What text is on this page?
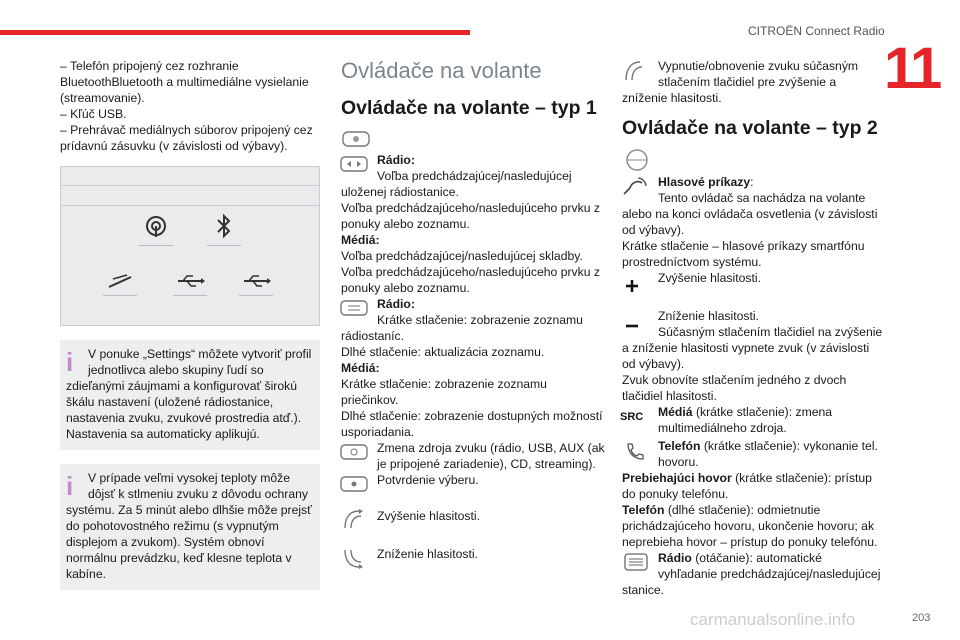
CITROËN Connect Radio
11

– Telefón pripojený cez rozhranie BluetoothBluetooth a multimediálne vysielanie (streamovanie).

– Kľúč USB.

– Prehrávač mediálnych súborov pripojený cez prídavnú zásuvku (v závislosti od výbavy).

i	V ponuke „Settings“ môžete vytvoriť profil jednotlivca alebo skupiny ľudí so zdieľanými záujmami a konfigurovať širokú škálu nastavení (uložené rádiostanice, nastavenia zvuku, zvukové prostredia atď.). Nastavenia sa automaticky aplikujú.
i	V prípade veľmi vysokej teploty môže dôjsť k stlmeniu zvuku z dôvodu ochrany systému. Za 5 minút alebo dlhšie môže prejsť do pohotovostného režimu (s vypnutým displejom a zvukom). Systém obnoví normálnu prevádzku, keď klesne teplota v kabíne.
Ovládače na volante
Ovládače na volante – typ 1

Rádio:

Voľba predchádzajúcej/nasledujúcej uloženej rádiostanice.

Voľba predchádzajúceho/nasledujúceho prvku z ponuky alebo zoznamu.

Médiá:

Voľba predchádzajúcej/nasledujúcej skladby.

Voľba predchádzajúceho/nasledujúceho prvku z ponuky alebo zoznamu.

Rádio:

Krátke stlačenie: zobrazenie zoznamu rádiostaníc.

Dlhé stlačenie: aktualizácia zoznamu.

Médiá:

Krátke stlačenie: zobrazenie zoznamu priečinkov.

Dlhé stlačenie: zobrazenie dostupných možností usporiadania.

Zmena zdroja zvuku (rádio, USB, AUX (ak je pripojené zariadenie), CD, streaming).

Potvrdenie výberu.

Zvýšenie hlasitosti.

Zníženie hlasitosti.

Vypnutie/obnovenie zvuku súčasným stlačením tlačidiel pre zvýšenie a zníženie hlasitosti.

Ovládače na volante – typ 2

Hlasové príkazy:

Tento ovládač sa nachádza na volante alebo na konci ovládača osvetlenia (v závislosti od výbavy).

Krátke stlačenie – hlasové príkazy smartfónu prostredníctvom systému.

Zvýšenie hlasitosti.

Zníženie hlasitosti.

Súčasným stlačením tlačidiel na zvýšenie a zníženie hlasitosti vypnete zvuk (v závislosti od výbavy).

Zvuk obnovíte stlačením jedného z dvoch tlačidiel hlasitosti.

SRC	Médiá (krátke stlačenie): zmena multimediálneho zdroja.

Telefón (krátke stlačenie): vykonanie tel. hovoru.

Prebiehajúci hovor (krátke stlačenie): prístup do ponuky telefónu.

Telefón (dlhé stlačenie): odmietnutie prichádzajúceho hovoru, ukončenie hovoru; ak neprebieha hovor – prístup do ponuky telefónu.

Rádio (otáčanie): automatické vyhľadanie predchádzajúcej/nasledujúcej stanice.

carmanualsonline.info	203
